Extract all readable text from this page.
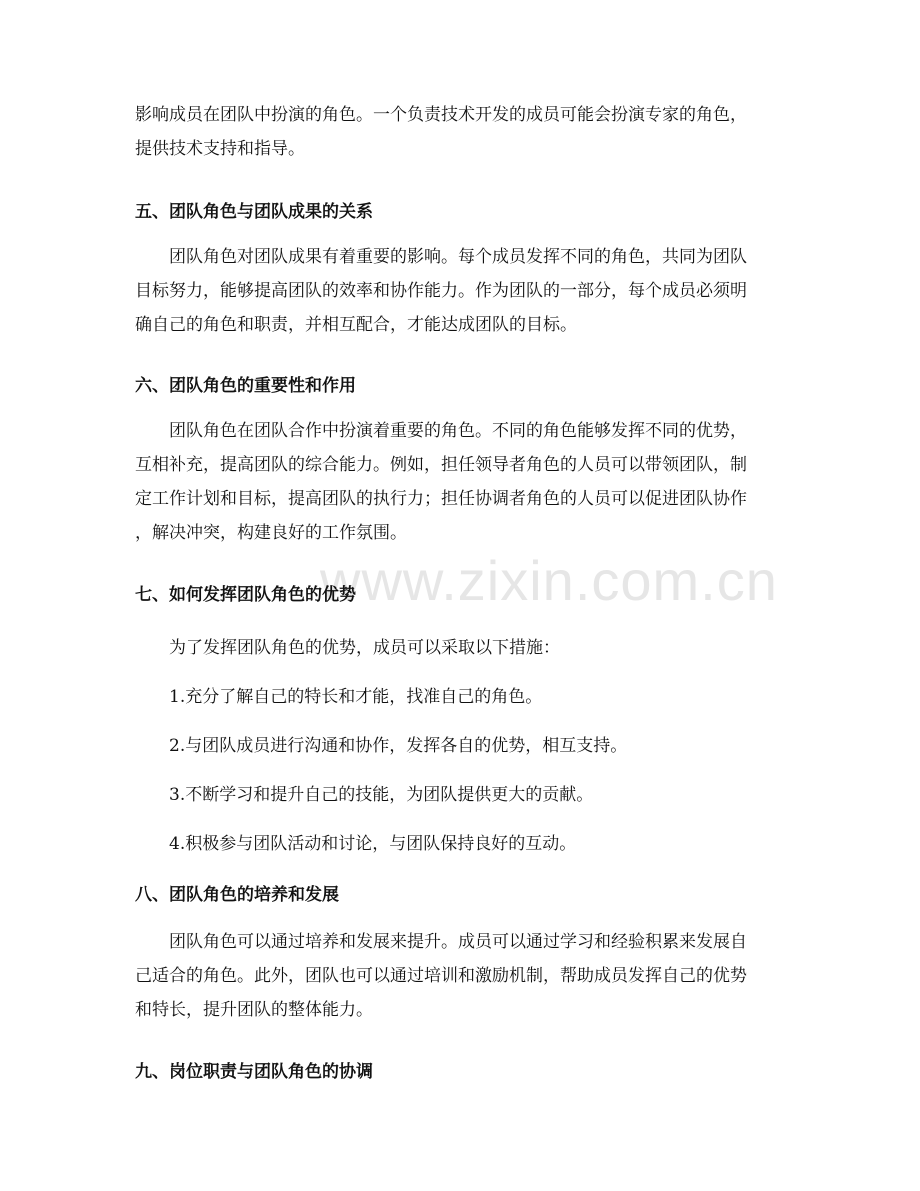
www.zixin.com.cn
影响成员在团队中扮演的角色。一个负责技术开发的成员可能会扮演专家的角色，
提供技术支持和指导。
五、团队角色与团队成果的关系
团队角色对团队成果有着重要的影响。每个成员发挥不同的角色，共同为团队
目标努力，能够提高团队的效率和协作能力。作为团队的一部分，每个成员必须明
确自己的角色和职责，并相互配合，才能达成团队的目标。
六、团队角色的重要性和作用
团队角色在团队合作中扮演着重要的角色。不同的角色能够发挥不同的优势，
互相补充，提高团队的综合能力。例如，担任领导者角色的人员可以带领团队，制
定工作计划和目标，提高团队的执行力；担任协调者角色的人员可以促进团队协作
，解决冲突，构建良好的工作氛围。
七、如何发挥团队角色的优势
为了发挥团队角色的优势，成员可以采取以下措施：
1.充分了解自己的特长和才能，找准自己的角色。
2.与团队成员进行沟通和协作，发挥各自的优势，相互支持。
3.不断学习和提升自己的技能，为团队提供更大的贡献。
4.积极参与团队活动和讨论，与团队保持良好的互动。
八、团队角色的培养和发展
团队角色可以通过培养和发展来提升。成员可以通过学习和经验积累来发展自
己适合的角色。此外，团队也可以通过培训和激励机制，帮助成员发挥自己的优势
和特长，提升团队的整体能力。
九、岗位职责与团队角色的协调
